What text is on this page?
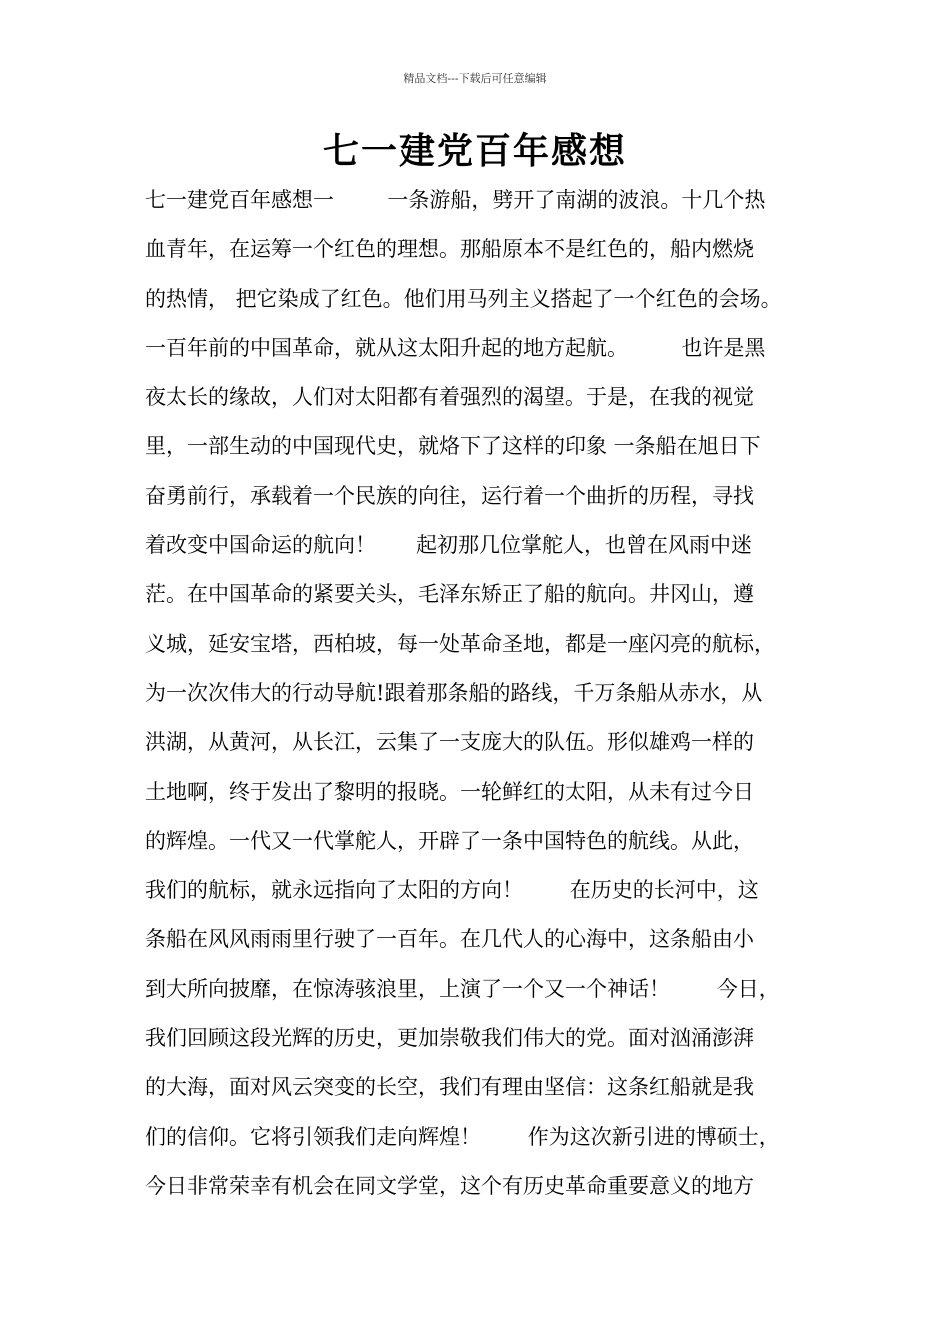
精品文档---下载后可任意编辑
七一建党百年感想
七一建党百年感想一        一条游船，劈开了南湖的波浪。十几个热
血青年，在运筹一个红色的理想。那船原本不是红色的，船内燃烧
的热情， 把它染成了红色。他们用马列主义搭起了一个红色的会场。
一百年前的中国革命，就从这太阳升起的地方起航。        也许是黑
夜太长的缘故，人们对太阳都有着强烈的渴望。于是，在我的视觉
里，一部生动的中国现代史，就烙下了这样的印象 一条船在旭日下
奋勇前行，承载着一个民族的向往，运行着一个曲折的历程，寻找
着改变中国命运的航向！      起初那几位掌舵人，也曾在风雨中迷
茫。在中国革命的紧要关头，毛泽东矫正了船的航向。井冈山，遵
义城，延安宝塔，西柏坡，每一处革命圣地，都是一座闪亮的航标，
为一次次伟大的行动导航!跟着那条船的路线，千万条船从赤水，从
洪湖，从黄河，从长江，云集了一支庞大的队伍。形似雄鸡一样的
土地啊，终于发出了黎明的报晓。一轮鲜红的太阳，从未有过今日
的辉煌。一代又一代掌舵人，开辟了一条中国特色的航线。从此，
我们的航标，就永远指向了太阳的方向！       在历史的长河中，这
条船在风风雨雨里行驶了一百年。在几代人的心海中，这条船由小
到大所向披靡，在惊涛骇浪里，上演了一个又一个神话！       今日，
我们回顾这段光辉的历史，更加崇敬我们伟大的党。面对汹涌澎湃
的大海，面对风云突变的长空，我们有理由坚信：这条红船就是我
们的信仰。它将引领我们走向辉煌！       作为这次新引进的博硕士，
今日非常荣幸有机会在同文学堂，这个有历史革命重要意义的地方
